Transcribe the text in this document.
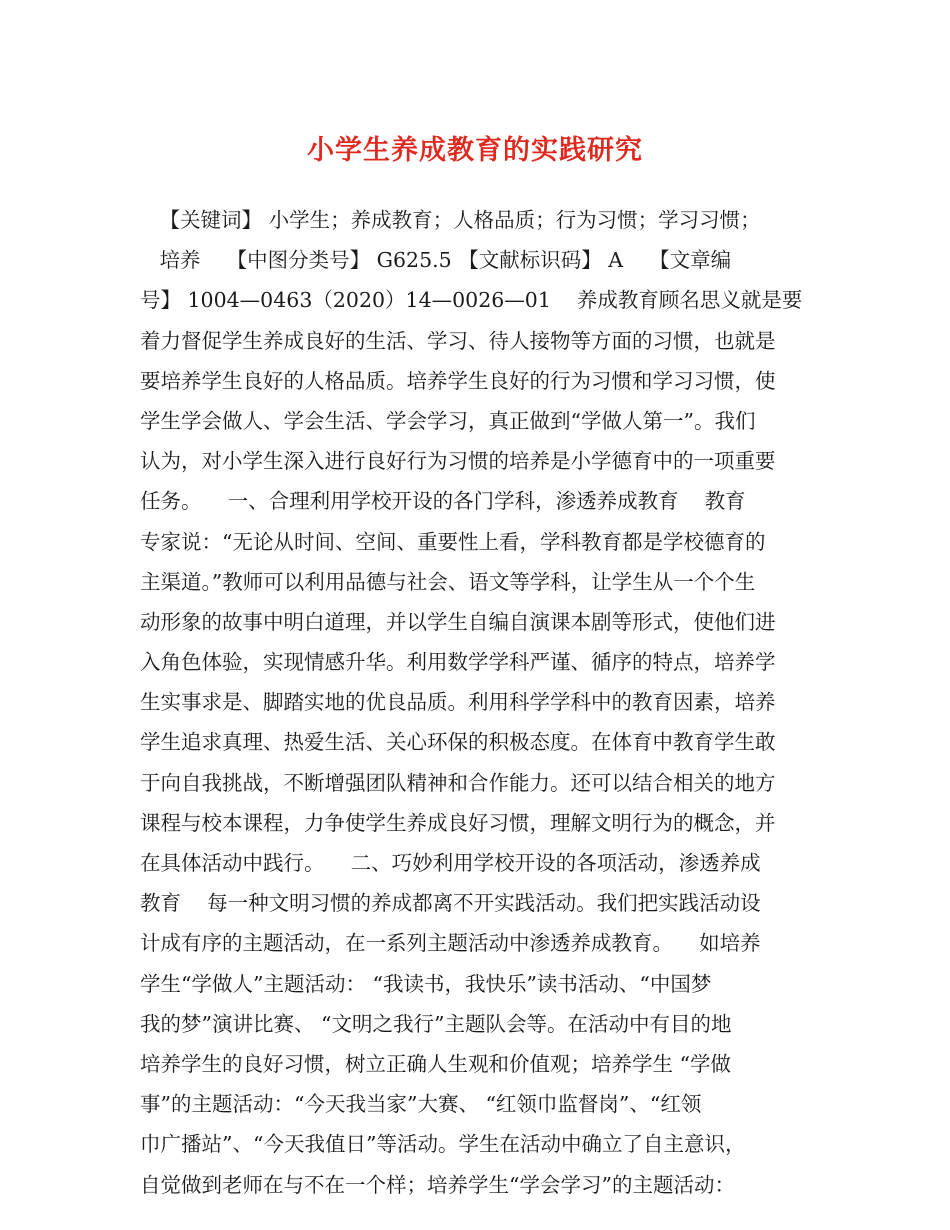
小学生养成教育的实践研究
【关键词】 小学生；养成教育；人格品质；行为习惯；学习习惯；
培养    【中图分类号】 G625.5 【文献标识码】 A    【文章编
号】 1004—0463（2020）14—0026—01    养成教育顾名思义就是要
着力督促学生养成良好的生活、学习、待人接物等方面的习惯，也就是
要培养学生良好的人格品质。培养学生良好的行为习惯和学习习惯，使
学生学会做人、学会生活、学会学习，真正做到“学做人第一”。我们
认为，对小学生深入进行良好行为习惯的培养是小学德育中的一项重要
任务。    一、合理利用学校开设的各门学科，渗透养成教育    教育
专家说：“无论从时间、空间、重要性上看，学科教育都是学校德育的
主渠道。”教师可以利用品德与社会、语文等学科，让学生从一个个生
动形象的故事中明白道理，并以学生自编自演课本剧等形式，使他们进
入角色体验，实现情感升华。利用数学学科严谨、循序的特点，培养学
生实事求是、脚踏实地的优良品质。利用科学学科中的教育因素，培养
学生追求真理、热爱生活、关心环保的积极态度。在体育中教育学生敢
于向自我挑战，不断增强团队精神和合作能力。还可以结合相关的地方
课程与校本课程，力争使学生养成良好习惯，理解文明行为的概念，并
在具体活动中践行。    二、巧妙利用学校开设的各项活动，渗透养成
教育    每一种文明习惯的养成都离不开实践活动。我们把实践活动设
计成有序的主题活动，在一系列主题活动中渗透养成教育。    如培养
学生“学做人”主题活动： “我读书，我快乐”读书活动、“中国梦
我的梦”演讲比赛、 “文明之我行”主题队会等。在活动中有目的地
培养学生的良好习惯，树立正确人生观和价值观；培养学生 “学做
事”的主题活动：“今天我当家”大赛、 “红领巾监督岗”、“红领
巾广播站”、“今天我值日”等活动。学生在活动中确立了自主意识，
自觉做到老师在与不在一个样；培养学生“学会学习”的主题活动：
